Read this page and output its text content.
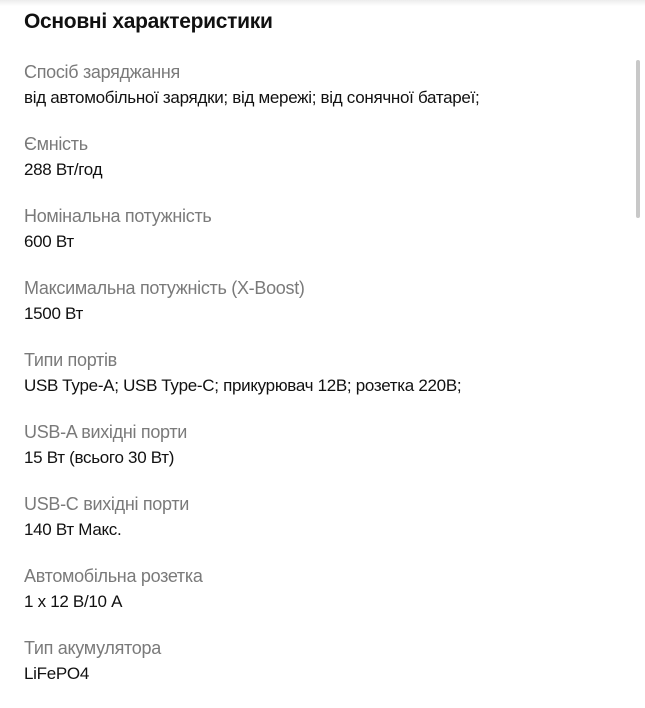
Основні характеристики
Спосіб заряджання
від автомобільної зарядки; від мережі; від сонячної батареї;
Ємність
288 Вт/год
Номінальна потужність
600 Вт
Максимальна потужність (X-Boost)
1500 Вт
Типи портів
USB Type-A; USB Type-C; прикурювач 12В; розетка 220В;
USB-A вихідні порти
15 Вт (всього 30 Вт)
USB-C вихідні порти
140 Вт Макс.
Автомобільна розетка
1 x 12 В/10 А
Тип акумулятора
LiFePO4
